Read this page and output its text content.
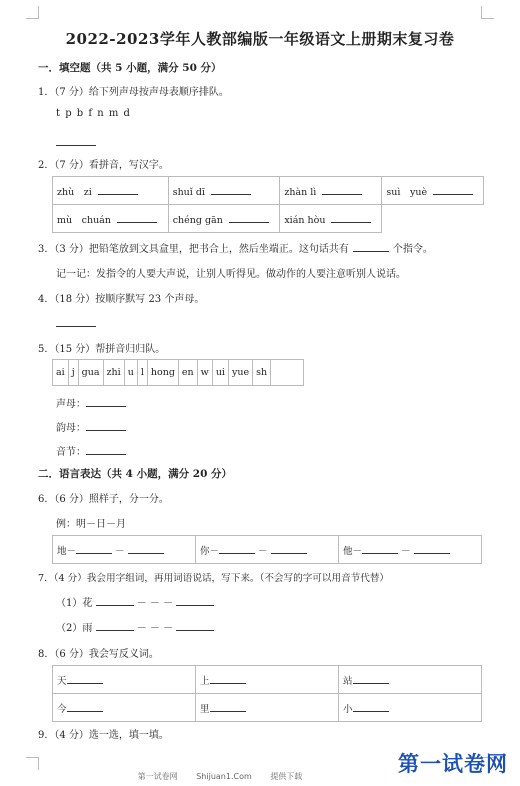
2022-2023学年人教部编版一年级语文上册期末复习卷
一．填空题（共 5 小题，满分 50 分）
1．（7 分）给下列声母按声母表顺序排队。
t p b f n m d
2．（7 分）看拼音，写汉字。
zhù　zi	shuǐ dī	zhàn lì	suì　yuè
mù　chuán	chéng gān	xián hòu	
3．（3 分）把铅笔放到文具盒里，把书合上，然后坐端正。这句话共有	个指令。
记一记：发指令的人要大声说，让别人听得见。做动作的人要注意听别人说话。
4．（18 分）按顺序默写 23 个声母。
5．（15 分）帮拼音归归队。
ai	j	gua	zhi	u	l	hong	en	w	ui	yue	sh	
声母：
韵母：
音节：
二．语言表达（共 4 小题，满分 20 分）
6．（6 分）照样子，分一分。
例：明－日－月
地－	－	你－	－	他－	－
7．（4 分）我会用字组词，再用词语说话，写下来。（不会写的字可以用音节代替）
（1）花	－ － －
（2）雨	－ － －
8．（6 分）我会写反义词。
天	上	站
今	里	小
9．（4 分）选一选，填一填。
第一试卷网 Shijuan1.Com 提供下载
第一试卷网
